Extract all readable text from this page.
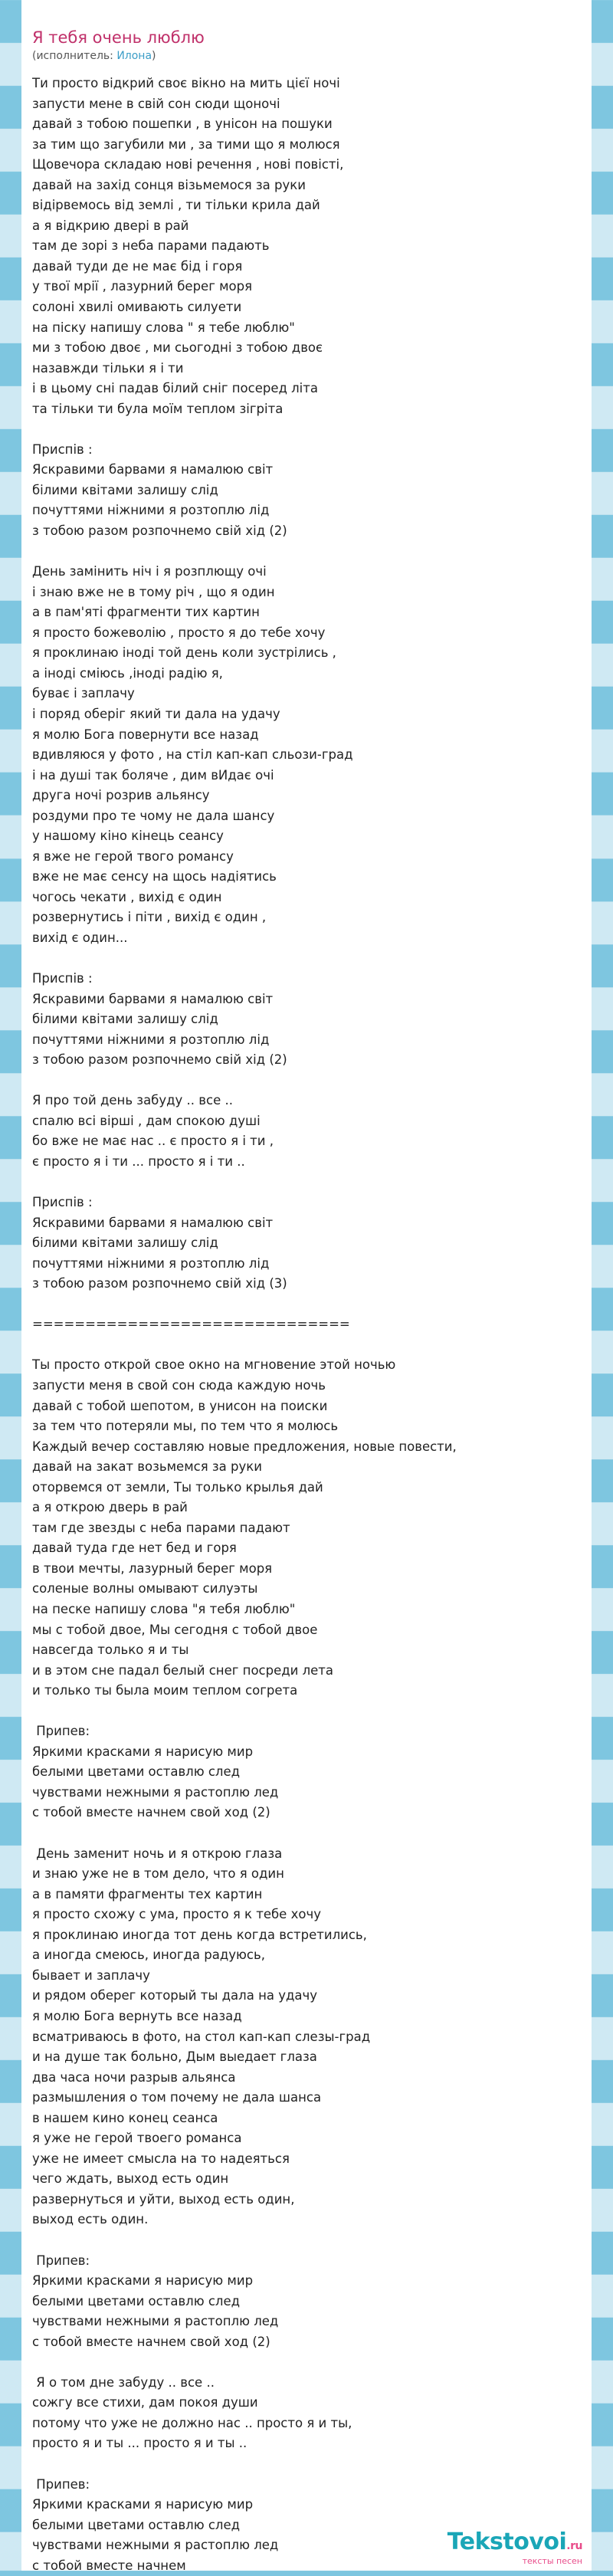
Я тебя очень люблю
(исполнитель: Илона)
Ти просто відкрий своє вікно на мить цієї ночі
запусти мене в свій сон сюди щоночі
давай з тобою пошепки , в унісон на пошуки
за тим що загубили ми , за тими що я молюся
Щовечора складаю нові речення , нові повісті,
давай на захід сонця візьмемося за руки
відірвемось від землі , ти тільки крила дай
а я відкрию двері в рай
там де зорі з неба парами падають
давай туди де не має бід і горя
у твої мрії , лазурний берег моря
солоні хвилі омивають силуети
на піску напишу слова " я тебе люблю"
ми з тобою двоє , ми сьогодні з тобою двоє
назавжди тільки я і ти
і в цьому сні падав білий сніг посеред літа
та тільки ти була моїм теплом зігріта
Приспів :
Яскравими барвами я намалюю світ
білими квітами залишу слід
почуттями ніжними я розтоплю лід
з тобою разом розпочнемо свій хід (2)
День замінить ніч і я розплющу очі
і знаю вже не в тому річ , що я один
а в пам'яті фрагменти тих картин
я просто божеволію , просто я до тебе хочу
я проклинаю іноді той день коли зустрілись ,
а іноді сміюсь ,іноді радію я,
буває і заплачу
і поряд оберіг який ти дала на удачу
я молю Бога повернути все назад
вдивляюся у фото , на стіл кап-кап сльози-град
і на душі так боляче , дим вИдає очі
друга ночі розрив альянсу
роздуми про те чому не дала шансу
у нашому кіно кінець сеансу
я вже не герой твого романсу
вже не має сенсу на щось надіятись
чогось чекати , вихід є один
розвернутись і піти , вихід є один ,
вихід є один...
Приспів :
Яскравими барвами я намалюю світ
білими квітами залишу слід
почуттями ніжними я розтоплю лід
з тобою разом розпочнемо свій хід (2)
Я про той день забуду .. все ..
спалю всі вірші , дам спокою душі
бо вже не має нас .. є просто я і ти ,
є просто я і ти ... просто я і ти ..
Приспів :
Яскравими барвами я намалюю світ
білими квітами залишу слід
почуттями ніжними я розтоплю лід
з тобою разом розпочнемо свій хід (3)
==============================
Ты просто открой свое окно на мгновение этой ночью
запусти меня в свой сон сюда каждую ночь
давай с тобой шепотом, в унисон на поиски
за тем что потеряли мы, по тем что я молюсь
Каждый вечер составляю новые предложения, новые повести,
давай на закат возьмемся за руки
оторвемся от земли, Ты только крылья дай
а я открою дверь в рай
там где звезды с неба парами падают
давай туда где нет бед и горя
в твои мечты, лазурный берег моря
соленые волны омывают силуэты
на песке напишу слова "я тебя люблю"
мы с тобой двое, Мы сегодня с тобой двое
навсегда только я и ты
и в этом сне падал белый снег посреди лета
и только ты была моим теплом согрета
Припев:
Яркими красками я нарисую мир
белыми цветами оставлю след
чувствами нежными я растоплю лед
с тобой вместе начнем свой ход (2)
День заменит ночь и я открою глаза
и знаю уже не в том дело, что я один
а в памяти фрагменты тех картин
я просто схожу с ума, просто я к тебе хочу
я проклинаю иногда тот день когда встретились,
а иногда смеюсь, иногда радуюсь,
бывает и заплачу
и рядом оберег который ты дала на удачу
я молю Бога вернуть все назад
всматриваюсь в фото, на стол кап-кап слезы-град
и на душе так больно, Дым выедает глаза
два часа ночи разрыв альянса
размышления о том почему не дала шанса
в нашем кино конец сеанса
я уже не герой твоего романса
уже не имеет смысла на то надеяться
чего ждать, выход есть один
развернуться и уйти, выход есть один,
выход есть один.
Припев:
Яркими красками я нарисую мир
белыми цветами оставлю след
чувствами нежными я растоплю лед
с тобой вместе начнем свой ход (2)
Я о том дне забуду .. все ..
сожгу все стихи, дам покоя души
потому что уже не должно нас .. просто я и ты,
просто я и ты ... просто я и ты ..
Припев:
Яркими красками я нарисую мир
белыми цветами оставлю след
чувствами нежными я растоплю лед
с тобой вместе начнем
Tekstovoi.ru
тексты песен
